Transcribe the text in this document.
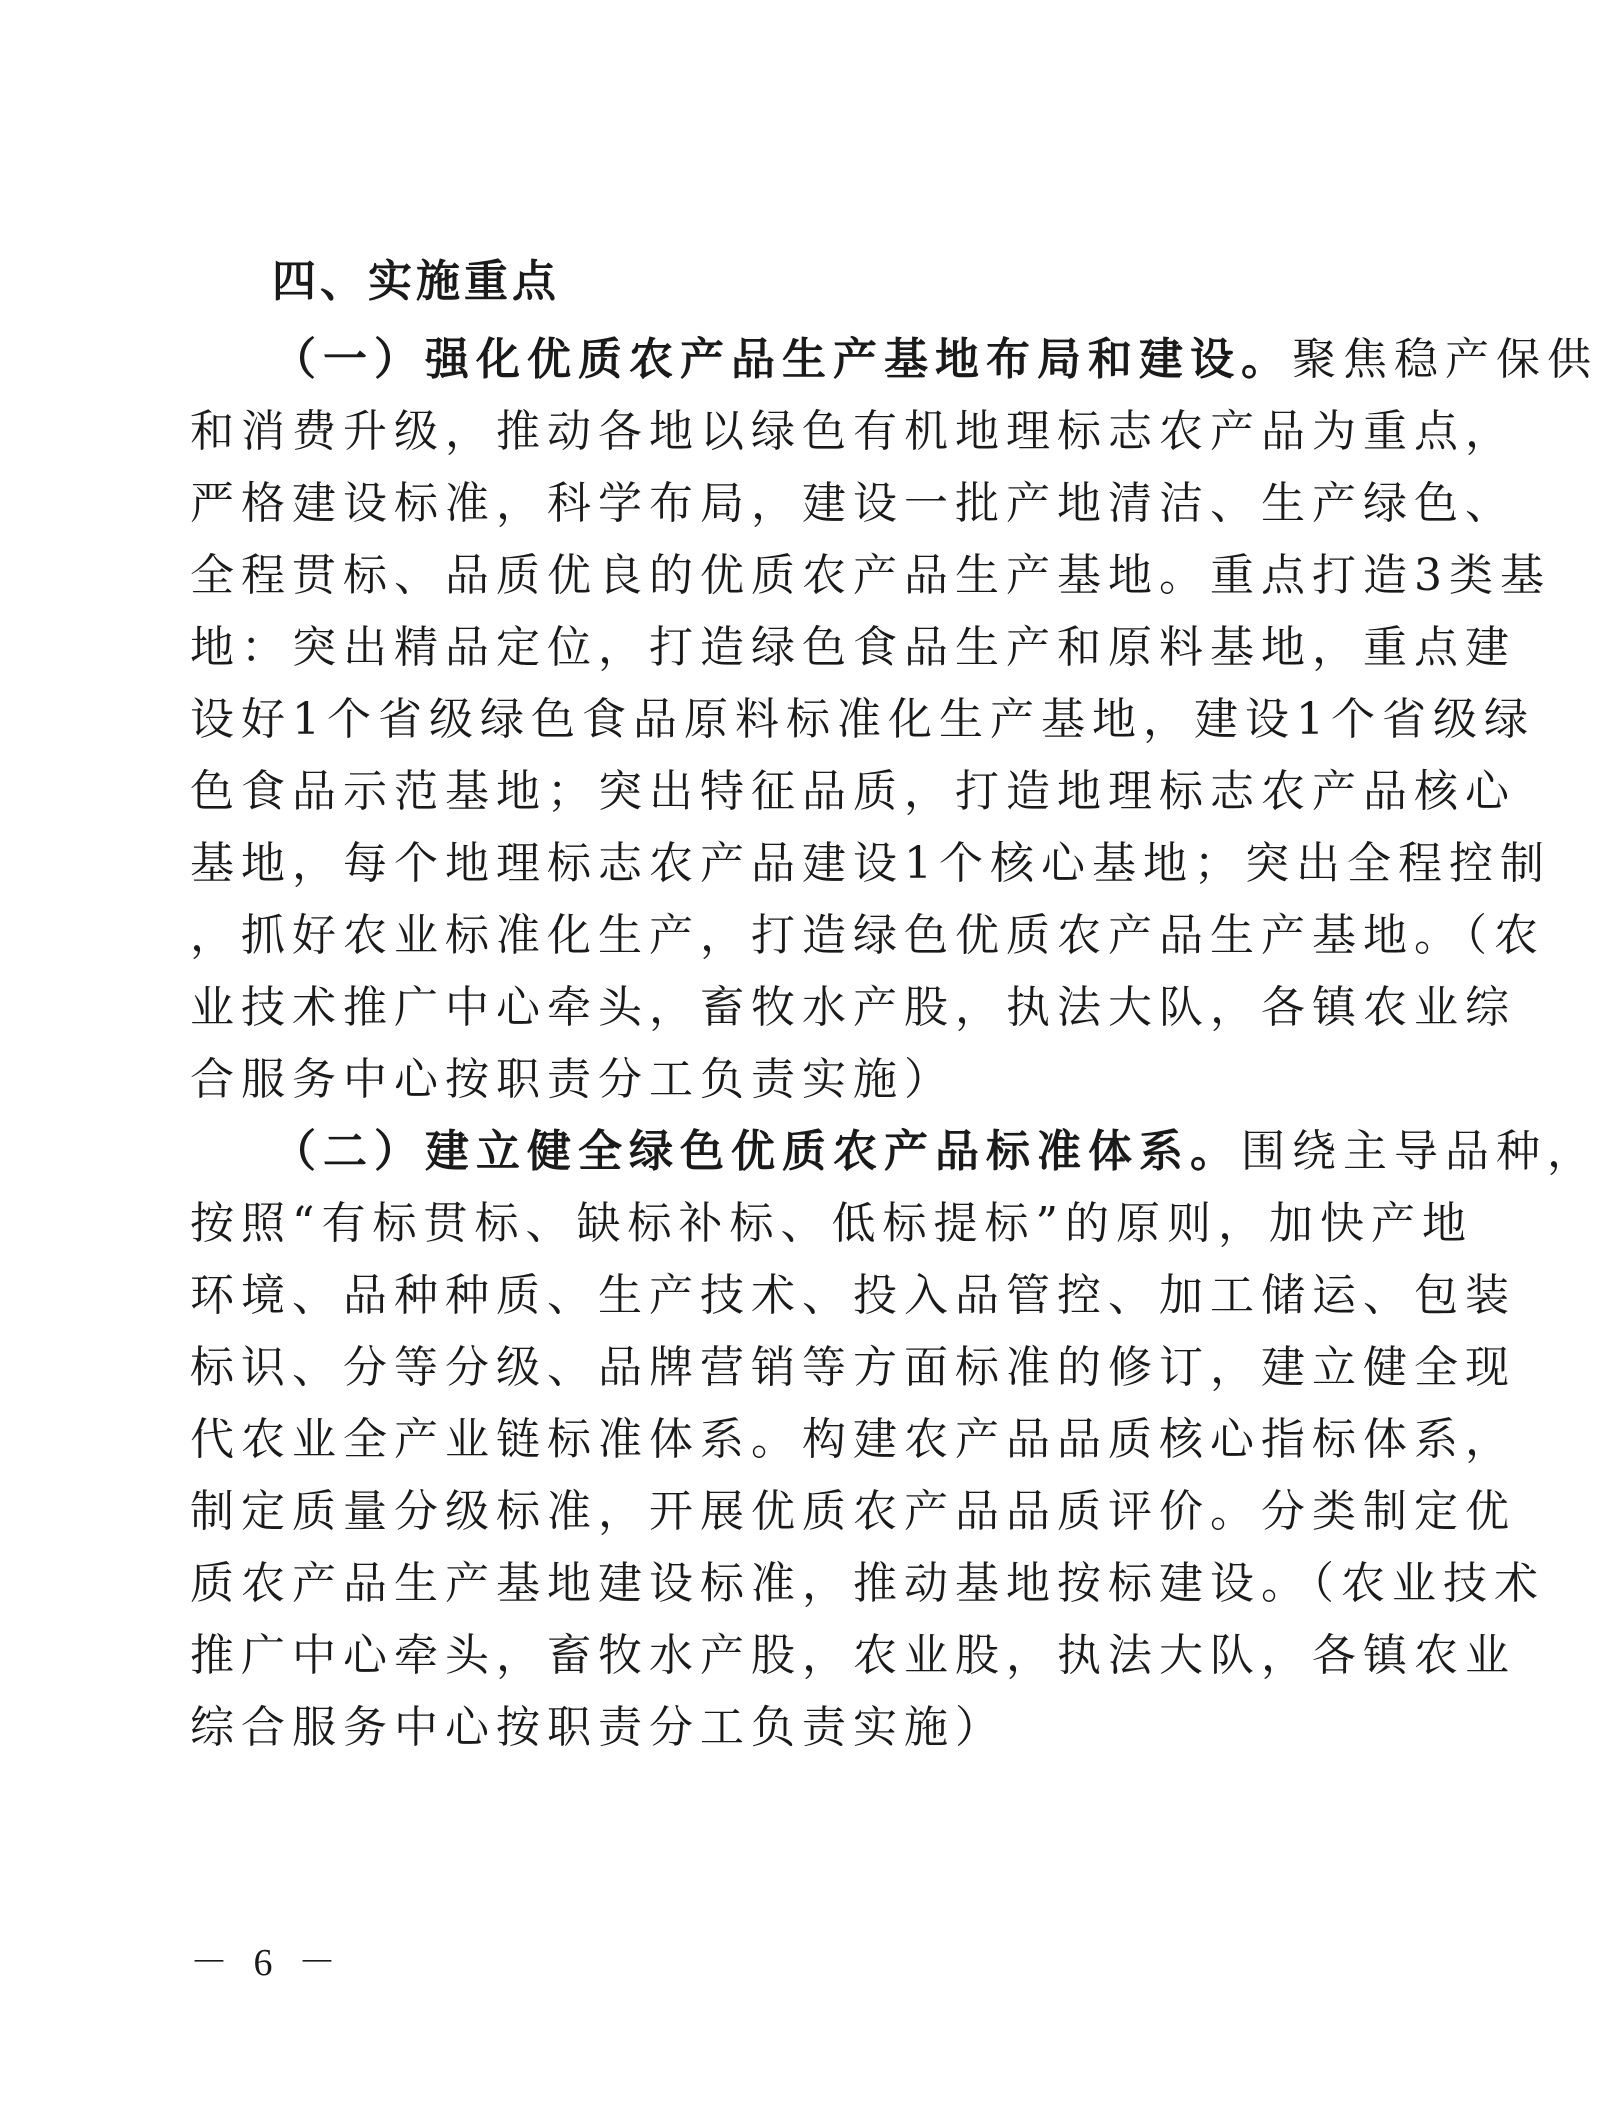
四、实施重点
（一）强化优质农产品生产基地布局和建设。聚焦稳产保供
和消费升级，推动各地以绿色有机地理标志农产品为重点，
严格建设标准，科学布局，建设一批产地清洁、生产绿色、
全程贯标、品质优良的优质农产品生产基地。重点打造3类基
地：突出精品定位，打造绿色食品生产和原料基地，重点建
设好1个省级绿色食品原料标准化生产基地，建设1个省级绿
色食品示范基地；突出特征品质，打造地理标志农产品核心
基地，每个地理标志农产品建设1个核心基地；突出全程控制
，抓好农业标准化生产，打造绿色优质农产品生产基地。（农
业技术推广中心牵头，畜牧水产股，执法大队，各镇农业综
合服务中心按职责分工负责实施）
（二）建立健全绿色优质农产品标准体系。围绕主导品种，
按照“有标贯标、缺标补标、低标提标”的原则，加快产地
环境、品种种质、生产技术、投入品管控、加工储运、包装
标识、分等分级、品牌营销等方面标准的修订，建立健全现
代农业全产业链标准体系。构建农产品品质核心指标体系，
制定质量分级标准，开展优质农产品品质评价。分类制定优
质农产品生产基地建设标准，推动基地按标建设。（农业技术
推广中心牵头，畜牧水产股，农业股，执法大队，各镇农业
综合服务中心按职责分工负责实施）
－ 6 －
